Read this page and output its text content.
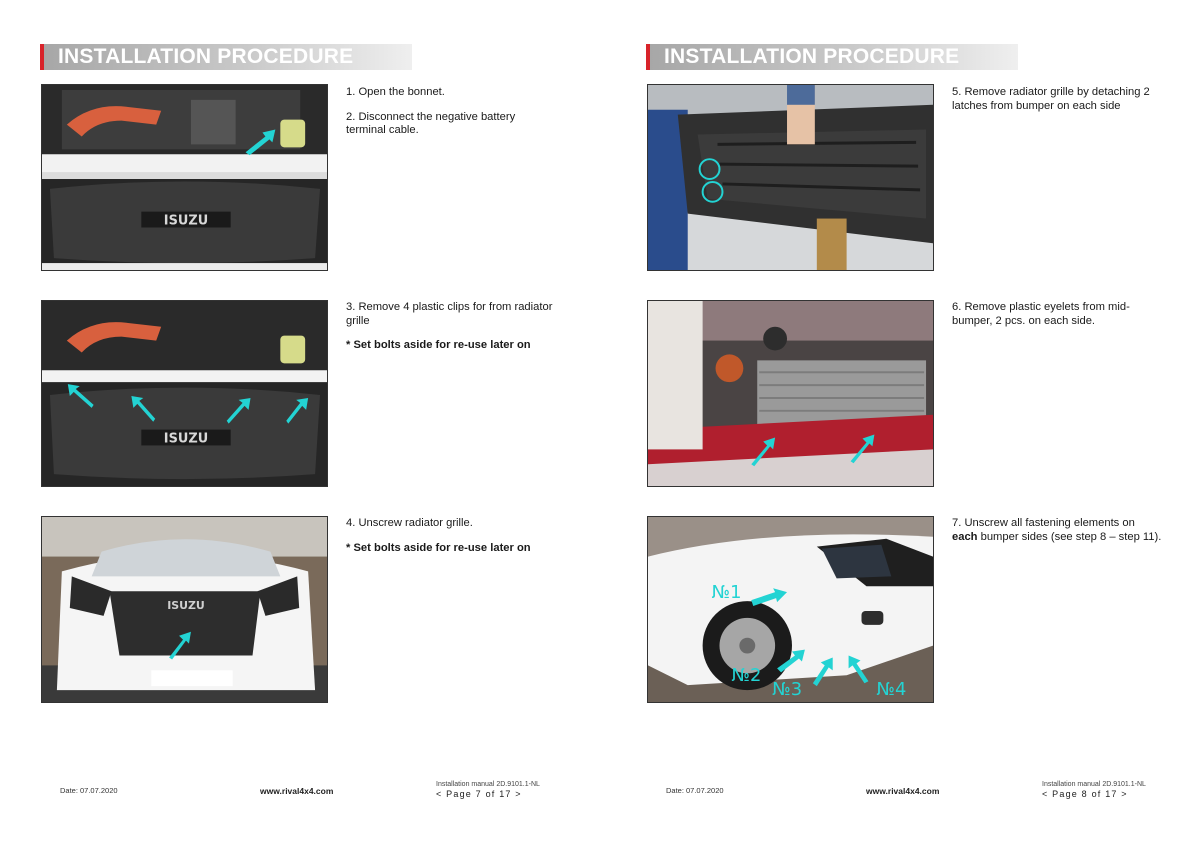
INSTALLATION PROCEDURE
ISUZU

1. Open the bonnet.

2. Disconnect the negative battery terminal cable.

ISUZU

3. Remove 4 plastic clips for from radiator grille

* Set bolts aside for re-use later on

ISUZU

4. Unscrew radiator grille.

* Set bolts aside for re-use later on

Date: 07.07.2020	www.rival4x4.com
Installation manual 2D.9101.1-NL
< Page 7 of 17 >
INSTALLATION PROCEDURE

5. Remove radiator grille by detaching 2 latches from bumper on each side

6. Remove plastic eyelets from mid-bumper, 2 pcs. on each side.

№1
№2
№3	№4

7. Unscrew all fastening elements on each bumper sides (see step 8 – step 11).

Date: 07.07.2020	www.rival4x4.com
Installation manual 2D.9101.1-NL
< Page 8 of 17 >
